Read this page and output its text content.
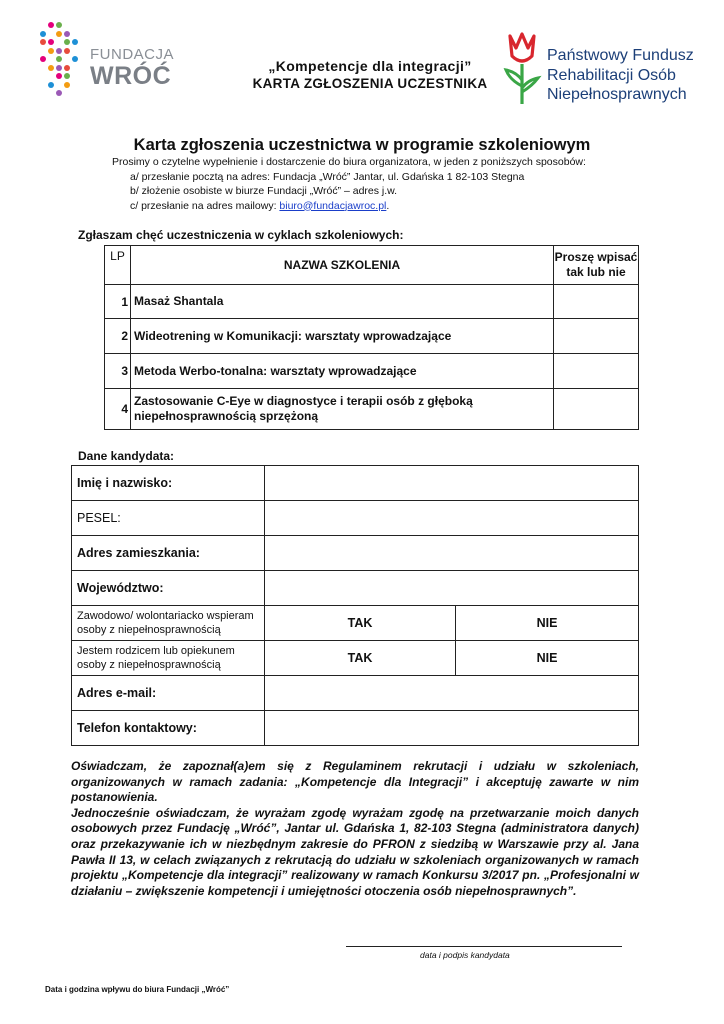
FUNDACJA
WRÓĆ	„Kompetencje dla integracji”
KARTA ZGŁOSZENIA UCZESTNIKA
Państwowy Fundusz
Rehabilitacji Osób
Niepełnosprawnych
Karta zgłoszenia uczestnictwa w programie szkoleniowym
Prosimy o czytelne wypełnienie i dostarczenie do biura organizatora, w jeden z poniższych sposobów:
a/ przesłanie pocztą na adres: Fundacja „Wróć” Jantar, ul. Gdańska 1 82-103 Stegna
b/ złożenie osobiste w biurze Fundacji „Wróć” – adres j.w.
c/ przesłanie na adres mailowy: biuro@fundacjawroc.pl.
Zgłaszam chęć uczestniczenia w cyklach szkoleniowych:
LP	NAZWA SZKOLENIA	Proszę wpisać
tak lub nie

1	Masaż Shantala	
2	Wideotrening w Komunikacji: warsztaty wprowadzające	
3	Metoda Werbo-tonalna: warsztaty wprowadzające	
4	Zastosowanie C-Eye w diagnostyce i terapii osób z głęboką
niepełnosprawnością sprzężoną	

Dane kandydata:
Imię i nazwisko:		
PESEL:		
Adres zamieszkania:		
Województwo:		

Zawodowo/ wolontariacko wspieram
osoby z niepełnosprawnością	TAK	NIE

Jestem rodzicem lub opiekunem
osoby z niepełnosprawnością	TAK	NIE
Adres e-mail:		
Telefon kontaktowy:		
Oświadczam, że zapoznał(a)em się z Regulaminem rekrutacji i udziału w szkoleniach, organizowanych w ramach zadania: „Kompetencje dla Integracji” i akceptuję zawarte w nim postanowienia.
Jednocześnie oświadczam, że wyrażam zgodę wyrażam zgodę na przetwarzanie moich danych osobowych przez Fundację „Wróć”, Jantar ul. Gdańska 1, 82-103 Stegna (administratora danych) oraz przekazywanie ich w niezbędnym zakresie do PFRON z siedzibą w Warszawie przy al. Jana Pawła II 13, w celach związanych z rekrutacją do udziału w szkoleniach organizowanych w ramach projektu „Kompetencje dla integracji” realizowany w ramach Konkursu 3/2017 pn. „Profesjonalni w działaniu – zwiększenie kompetencji i umiejętności otoczenia osób niepełnosprawnych”.
data i podpis kandydata
Data i godzina wpływu do biura Fundacji „Wróć”
